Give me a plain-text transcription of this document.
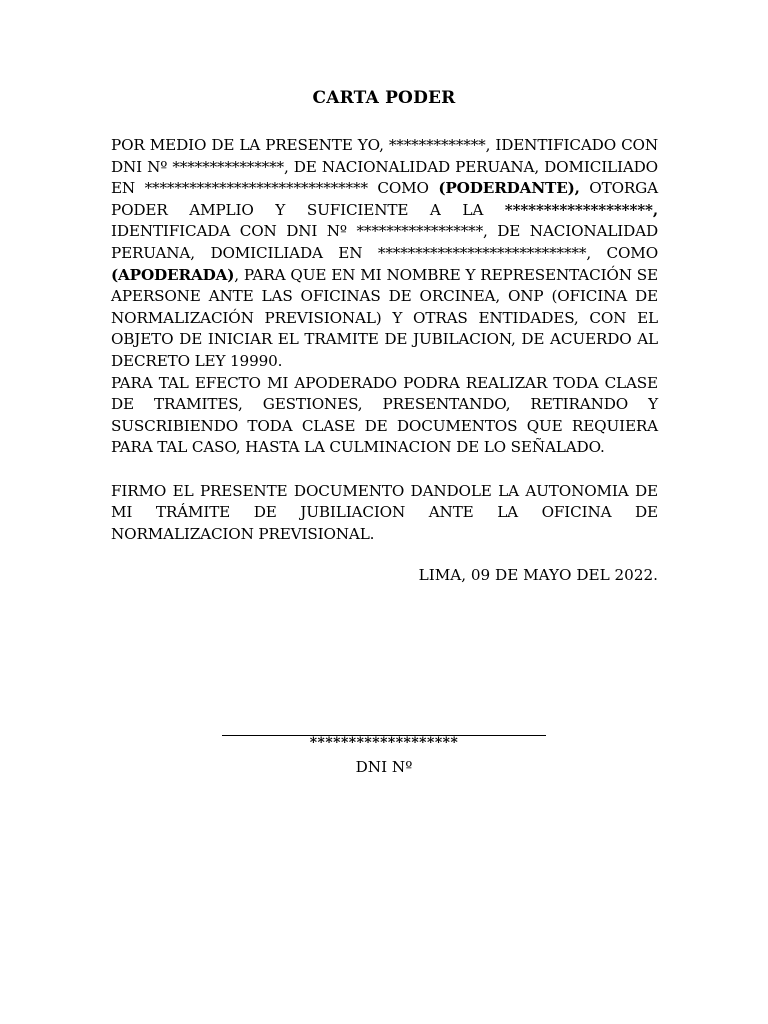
CARTA PODER

POR MEDIO DE LA PRESENTE YO, *************, IDENTIFICADO CON DNI Nº ***************, DE NACIONALIDAD PERUANA, DOMICILIADO EN ****************************** COMO (PODERDANTE), OTORGA PODER AMPLIO Y SUFICIENTE A LA *******************, IDENTIFICADA CON DNI Nº *****************, DE NACIONALIDAD PERUANA, DOMICILIADA EN ****************************, COMO (APODERADA), PARA QUE EN MI NOMBRE Y REPRESENTACIÓN SE APERSONE ANTE LAS OFICINAS DE ORCINEA, ONP (OFICINA DE NORMALIZACIÓN PREVISIONAL) Y OTRAS ENTIDADES, CON EL OBJETO DE INICIAR EL TRAMITE DE JUBILACION, DE ACUERDO AL DECRETO LEY 19990.

PARA TAL EFECTO MI APODERADO PODRA REALIZAR TODA CLASE DE TRAMITES, GESTIONES, PRESENTANDO, RETIRANDO Y SUSCRIBIENDO TODA CLASE DE DOCUMENTOS QUE REQUIERA PARA TAL CASO, HASTA LA CULMINACION DE LO SEÑALADO.

FIRMO EL PRESENTE DOCUMENTO DANDOLE LA AUTONOMIA DE MI TRÁMITE DE JUBILIACION ANTE LA OFICINA DE NORMALIZACION PREVISIONAL.

LIMA, 09 DE MAYO DEL 2022.
*******************
DNI Nº
